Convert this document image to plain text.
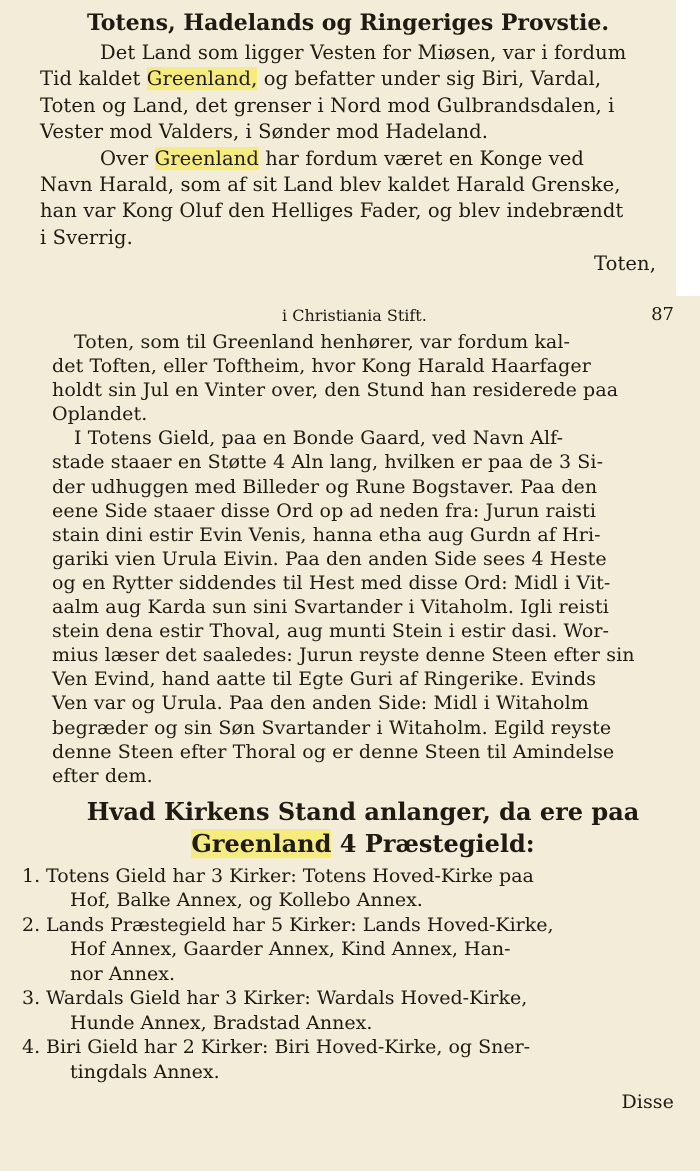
Totens, Hadelands og Ringeriges Provstie.
Det Land som ligger Vesten for Miøsen, var i fordum
Tid kaldet Greenland, og befatter under sig Biri, Vardal,
Toten og Land, det grenser i Nord mod Gulbrandsdalen, i
Vester mod Valders, i Sønder mod Hadeland.
Over Greenland har fordum været en Konge ved
Navn Harald, som af sit Land blev kaldet Harald Grenske,
han var Kong Oluf den Helliges Fader, og blev indebrændt
i Sverrig.
Toten,
i Christiania Stift.	87
Toten, som til Greenland henhører, var fordum kal-
det Toften, eller Toftheim, hvor Kong Harald Haarfager
holdt sin Jul en Vinter over, den Stund han residerede paa
Oplandet.
I Totens Gield, paa en Bonde Gaard, ved Navn Alf-
stade staaer en Støtte 4 Aln lang, hvilken er paa de 3 Si-
der udhuggen med Billeder og Rune Bogstaver. Paa den
eene Side staaer disse Ord op ad neden fra: Jurun raisti
stain dini estir Evin Venis, hanna etha aug Gurdn af Hri-
gariki vien Urula Eivin. Paa den anden Side sees 4 Heste
og en Rytter siddendes til Hest med disse Ord: Midl i Vit-
aalm aug Karda sun sini Svartander i Vitaholm. Igli reisti
stein dena estir Thoval, aug munti Stein i estir dasi. Wor-
mius læser det saaledes: Jurun reyste denne Steen efter sin
Ven Evind, hand aatte til Egte Guri af Ringerike. Evinds
Ven var og Urula. Paa den anden Side: Midl i Witaholm
begræder og sin Søn Svartander i Witaholm. Egild reyste
denne Steen efter Thoral og er denne Steen til Amindelse
efter dem.
Hvad Kirkens Stand anlanger, da ere paa
Greenland 4 Præstegield:
1. Totens Gield har 3 Kirker: Totens Hoved-Kirke paa
Hof, Balke Annex, og Kollebo Annex.
2. Lands Præstegield har 5 Kirker: Lands Hoved-Kirke,
Hof Annex, Gaarder Annex, Kind Annex, Han-
nor Annex.
3. Wardals Gield har 3 Kirker: Wardals Hoved-Kirke,
Hunde Annex, Bradstad Annex.
4. Biri Gield har 2 Kirker: Biri Hoved-Kirke, og Sner-
tingdals Annex.
Disse
